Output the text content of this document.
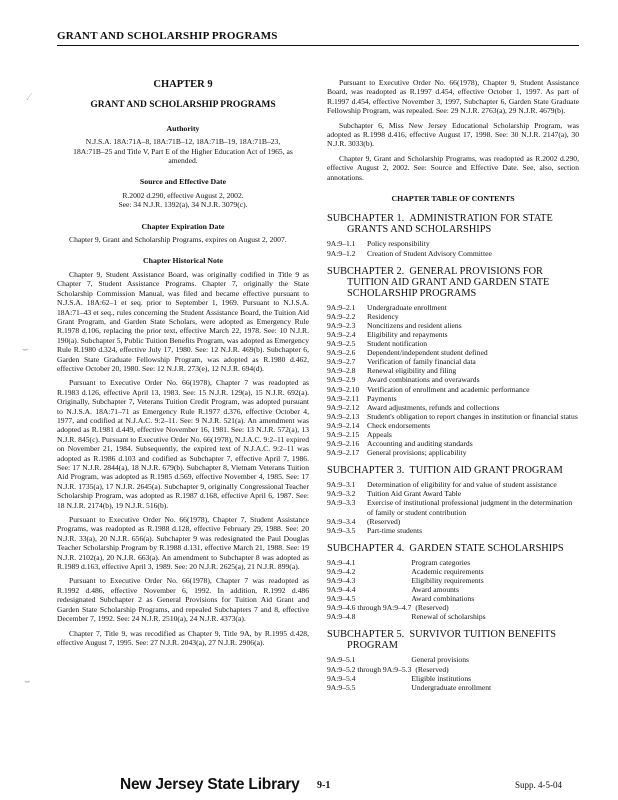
GRANT AND SCHOLARSHIP PROGRAMS
.⁄
⌣
⌣
CHAPTER 9
GRANT AND SCHOLARSHIP PROGRAMS
Authority

N.J.S.A. 18A:71A–8, 18A:71B–12, 18A:71B–19, 18A:71B–23, 18A:71B–25 and Title V, Part E of the Higher Education Act of 1965, as amended.

Source and Effective Date

R.2002 d.290, effective August 2, 2002.

See: 34 N.J.R. 1392(a), 34 N.J.R. 3079(c).

Chapter Expiration Date

Chapter 9, Grant and Scholarship Programs, expires on August 2, 2007.

Chapter Historical Note

Chapter 9, Student Assistance Board, was originally codified in Title 9 as Chapter 7, Student Assistance Programs. Chapter 7, originally the State Scholarship Commission Manual, was filed and became effective pursuant to N.J.S.A. 18A:62–1 et seq. prior to September 1, 1969. Pursuant to N.J.S.A. 18A:71–43 et seq., rules concerning the Student Assistance Board, the Tuition Aid Grant Program, and Garden State Scholars, were adopted as Emergency Rule R.1978 d.106, replacing the prior text, effective March 22, 1978. See: 10 N.J.R. 190(a). Subchapter 5, Public Tuition Benefits Program, was adopted as Emergency Rule R.1980 d.324, effective July 17, 1980. See: 12 N.J.R. 469(b). Subchapter 6, Garden State Graduate Fellowship Program, was adopted as R.1980 d.462, effective October 20, 1980. See: 12 N.J.R. 273(e), 12 N.J.R. 694(d).

Pursuant to Executive Order No. 66(1978), Chapter 7 was readopted as R.1983 d.126, effective April 13, 1983. See: 15 N.J.R. 129(a), 15 N.J.R. 692(a). Originally, Subchapter 7, Veterans Tuition Credit Program, was adopted pursuant to N.J.S.A. 18A:71–71 as Emergency Rule R.1977 d.376, effective October 4, 1977, and codified at N.J.A.C. 9:2–11. See: 9 N.J.R. 521(a). An amendment was adopted as R.1981 d.449, effective November 16, 1981. See: 13 N.J.R. 572(a), 13 N.J.R. 845(c). Pursuant to Executive Order No. 66(1978), N.J.A.C. 9:2–11 expired on November 21, 1984. Subsequently, the expired text of N.J.A.C. 9:2–11 was adopted as R.1986 d.103 and codified as Subchapter 7, effective April 7, 1986. See: 17 N.J.R. 2844(a), 18 N.J.R. 679(b). Subchapter 8, Vietnam Veterans Tuition Aid Program, was adopted as R.1985 d.569, effective November 4, 1985. See: 17 N.J.R. 1735(a), 17 N.J.R. 2645(a). Subchapter 9, originally Congressional Teacher Scholarship Program, was adopted as R.1987 d.168, effective April 6, 1987. See: 18 N.J.R. 2174(b), 19 N.J.R. 516(b).

Pursuant to Executive Order No. 66(1978), Chapter 7, Student Assistance Programs, was readopted as R.1988 d.128, effective February 29, 1988. See: 20 N.J.R. 33(a), 20 N.J.R. 656(a). Subchapter 9 was redesignated the Paul Douglas Teacher Scholarship Program by R.1988 d.131, effective March 21, 1988. See: 19 N.J.R. 2102(a), 20 N.J.R. 663(a). An amendment to Subchapter 8 was adopted as R.1989 d.163, effective April 3, 1989. See: 20 N.J.R. 2625(a), 21 N.J.R. 899(a).

Pursuant to Executive Order No. 66(1978), Chapter 7 was readopted as R.1992 d.486, effective November 6, 1992. In addition, R.1992 d.486 redesignated Subchapter 2 as General Provisions for Tuition Aid Grant and Garden State Scholarship Programs, and repealed Subchapters 7 and 8, effective December 7, 1992. See: 24 N.J.R. 2510(a), 24 N.J.R. 4373(a).

Chapter 7, Title 9, was recodified as Chapter 9, Title 9A, by R.1995 d.428, effective August 7, 1995. See: 27 N.J.R. 2043(a), 27 N.J.R. 2906(a).

Pursuant to Executive Order No. 66(1978), Chapter 9, Student Assistance Board, was readopted as R.1997 d.454, effective October 1, 1997. As part of R.1997 d.454, effective November 3, 1997, Subchapter 6, Garden State Graduate Fellowship Program, was repealed. See: 29 N.J.R. 2763(a), 29 N.J.R. 4679(b).

Subchapter 6, Miss New Jersey Educational Scholarship Program, was adopted as R.1998 d.416, effective August 17, 1998. See: 30 N.J.R. 2147(a), 30 N.J.R. 3033(b).

Chapter 9, Grant and Scholarship Programs, was readopted as R.2002 d.290, effective August 2, 2002. See: Source and Effective Date. See, also, section annotations.

CHAPTER TABLE OF CONTENTS
SUBCHAPTER 1. ADMINISTRATION FOR STATE GRANTS AND SCHOLARSHIPS
9A:9–1.1	Policy responsibility
9A:9–1.2	Creation of Student Advisory Committee
SUBCHAPTER 2. GENERAL PROVISIONS FOR TUITION AID GRANT AND GARDEN STATE SCHOLARSHIP PROGRAMS
9A:9–2.1	Undergraduate enrollment
9A:9–2.2	Residency
9A:9–2.3	Noncitizens and resident aliens
9A:9–2.4	Eligibility and repayments
9A:9–2.5	Student notification
9A:9–2.6	Dependent/independent student defined
9A:9–2.7	Verification of family financial data
9A:9–2.8	Renewal eligibility and filing
9A:9–2.9	Award combinations and overawards
9A:9–2.10	Verification of enrollment and academic performance
9A:9–2.11	Payments
9A:9–2.12	Award adjustments, refunds and collections
9A:9–2.13	Student's obligation to report changes in institution or financial status
9A:9–2.14	Check endorsements
9A:9–2.15	Appeals
9A:9–2.16	Accounting and auditing standards
9A:9–2.17	General provisions; applicability
SUBCHAPTER 3. TUITION AID GRANT PROGRAM
9A:9–3.1	Determination of eligibility for and value of student assistance
9A:9–3.2	Tuition Aid Grant Award Table
9A:9–3.3	Exercise of institutional professional judgment in the determination of family or student contribution
9A:9–3.4	(Reserved)
9A:9–3.5	Part-time students
SUBCHAPTER 4. GARDEN STATE SCHOLARSHIPS
9A:9–4.1	Program categories
9A:9–4.2	Academic requirements
9A:9–4.3	Eligibility requirements
9A:9–4.4	Award amounts
9A:9–4.5	Award combinations
9A:9–4.6 through 9A:9–4.7	(Reserved)
9A:9–4.8	Renewal of scholarships
SUBCHAPTER 5. SURVIVOR TUITION BENEFITS PROGRAM
9A:9–5.1	General provisions
9A:9–5.2 through 9A:9–5.3	(Reserved)
9A:9–5.4	Eligible institutions
9A:9–5.5	Undergraduate enrollment
New Jersey State Library 9-1	Supp. 4-5-04
